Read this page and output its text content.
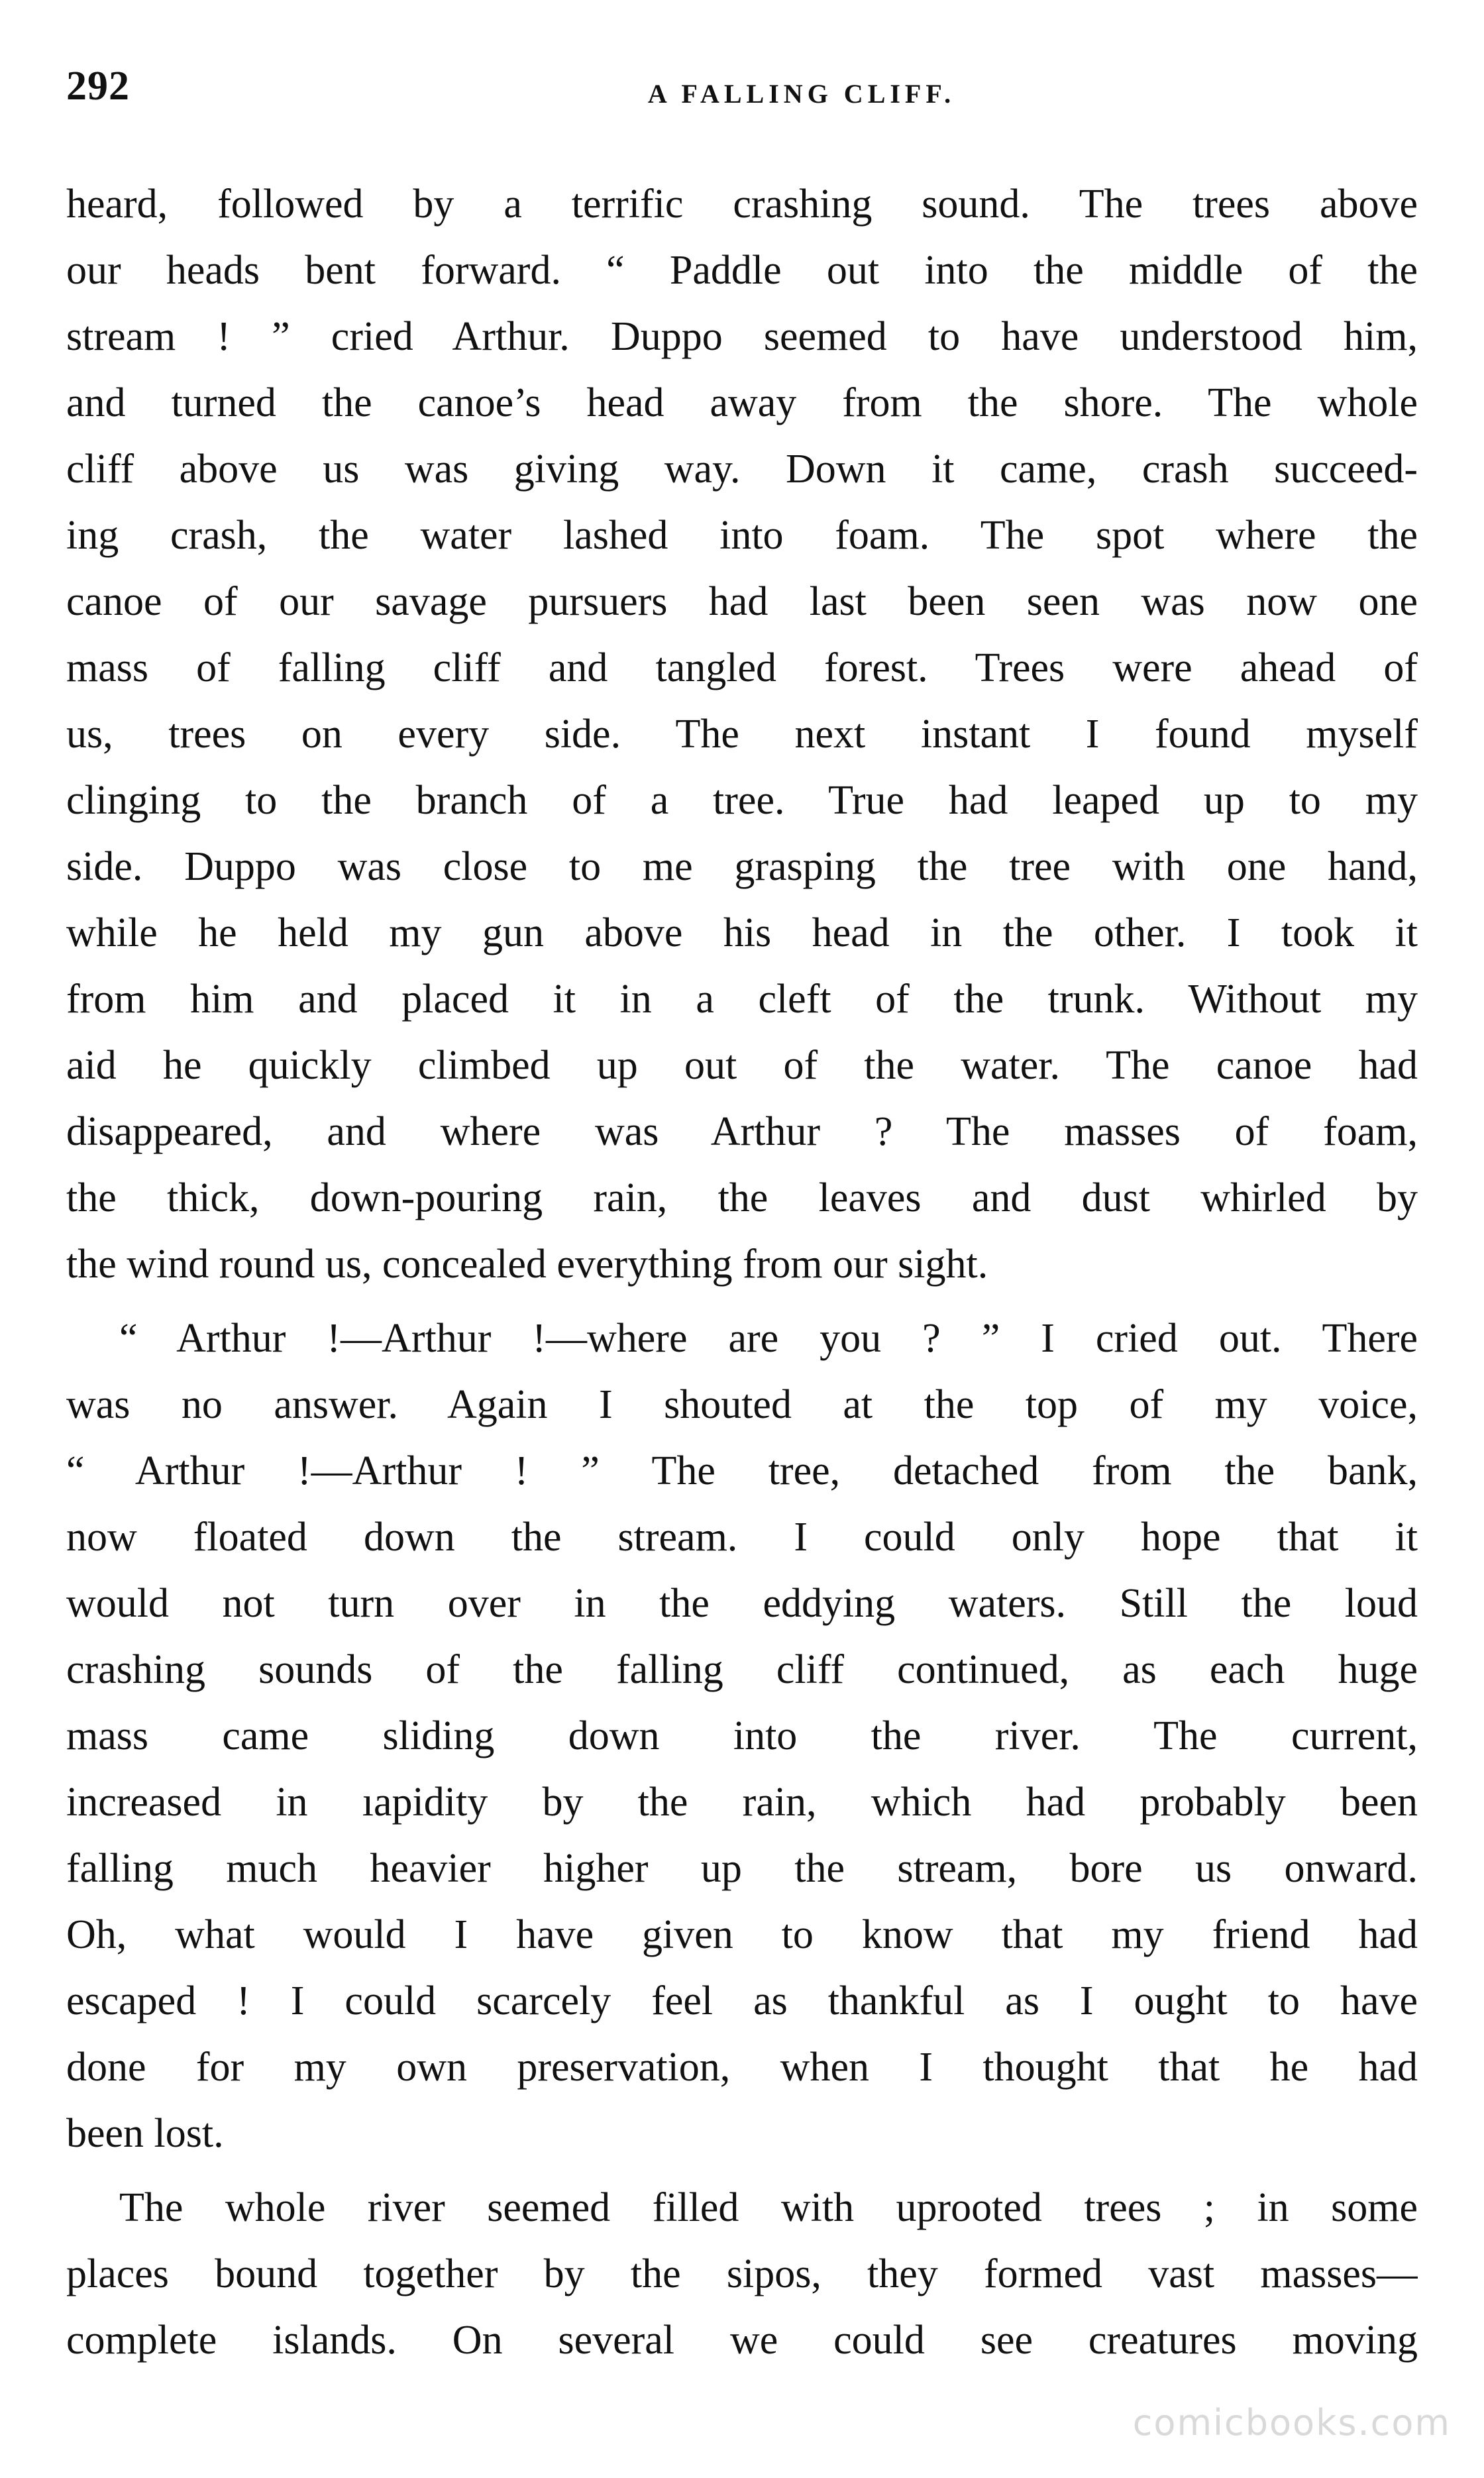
292	A FALLING CLIFF.
heard, followed by a terrific crashing sound. The trees above
our heads bent forward. “ Paddle out into the middle of the
stream ! ” cried Arthur. Duppo seemed to have understood him,
and turned the canoe’s head away from the shore. The whole
cliff above us was giving way. Down it came, crash succeed-
ing crash, the water lashed into foam. The spot where the
canoe of our savage pursuers had last been seen was now one
mass of falling cliff and tangled forest. Trees were ahead of
us, trees on every side. The next instant I found myself
clinging to the branch of a tree. True had leaped up to my
side. Duppo was close to me grasping the tree with one hand,
while he held my gun above his head in the other. I took it
from him and placed it in a cleft of the trunk. Without my
aid he quickly climbed up out of the water. The canoe had
disappeared, and where was Arthur ? The masses of foam,
the thick, down-pouring rain, the leaves and dust whirled by
the wind round us, concealed everything from our sight.
“ Arthur !—Arthur !—where are you ? ” I cried out. There
was no answer. Again I shouted at the top of my voice,
“ Arthur !—Arthur ! ” The tree, detached from the bank,
now floated down the stream. I could only hope that it
would not turn over in the eddying waters. Still the loud
crashing sounds of the falling cliff continued, as each huge
mass came sliding down into the river. The current,
increased in ıapidity by the rain, which had probably been
falling much heavier higher up the stream, bore us onward.
Oh, what would I have given to know that my friend had
escaped ! I could scarcely feel as thankful as I ought to have
done for my own preservation, when I thought that he had
been lost.
The whole river seemed filled with uprooted trees ; in some
places bound together by the sipos, they formed vast masses—
complete islands. On several we could see creatures moving
comicbooks.com
